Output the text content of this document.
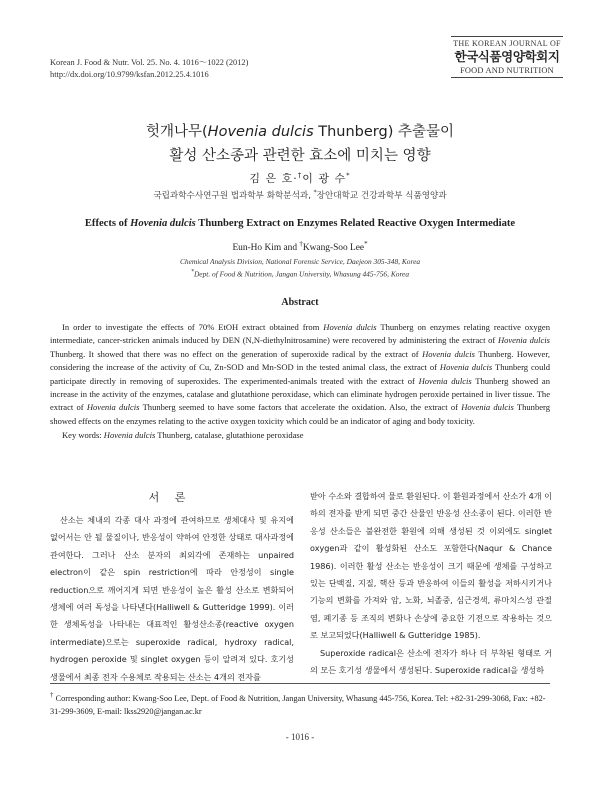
Korean J. Food & Nutr. Vol. 25. No. 4. 1016～1022 (2012)
http://dx.doi.org/10.9799/ksfan.2012.25.4.1016
THE KOREAN JOURNAL OF
한국식품영양학회지
FOOD AND NUTRITION
헛개나무(Hovenia dulcis Thunberg) 추출물이
활성 산소종과 관련한 효소에 미치는 영향
김 은 호·†이 광 수*
국립과학수사연구원 법과학부 화학분석과, *장안대학교 건강과학부 식품영양과
Effects of Hovenia dulcis Thunberg Extract on Enzymes Related Reactive Oxygen Intermediate
Eun-Ho Kim and †Kwang-Soo Lee*
Chemical Analysis Division, National Forensic Service, Daejeon 305-348, Korea
*Dept. of Food & Nutrition, Jangan University, Whasung 445-756, Korea
Abstract
In order to investigate the effects of 70% EtOH extract obtained from Hovenia dulcis Thunberg on enzymes relating reactive oxygen intermediate, cancer-stricken animals induced by DEN (N,N-diethylnitrosamine) were recovered by administering the extract of Hovenia dulcis Thunberg. It showed that there was no effect on the generation of superoxide radical by the extract of Hovenia dulcis Thunberg. However, considering the increase of the activity of Cu, Zn-SOD and Mn-SOD in the tested animal class, the extract of Hovenia dulcis Thunberg could participate directly in removing of superoxides. The experimented-animals treated with the extract of Hovenia dulcis Thunberg showed an increase in the activity of the enzymes, catalase and glutathione peroxidase, which can eliminate hydrogen peroxide pertained in liver tissue. The extract of Hovenia dulcis Thunberg seemed to have some factors that accelerate the oxidation. Also, the extract of Hovenia dulcis Thunberg showed effects on the enzymes relating to the active oxygen toxicity which could be an indicator of aging and body toxicity.
Key words: Hovenia dulcis Thunberg, catalase, glutathione peroxidase
서 론
산소는 체내의 각종 대사 과정에 관여하므로 생체대사 및 유지에 없어서는 안 될 물질이나, 반응성이 약하여 안정한 상태로 대사과정에 관여한다. 그러나 산소 분자의 최외각에 존재하는 unpaired electron이 같은 spin restriction에 따라 안정성이 single reduction으로 깨어지게 되면 반응성이 높은 활성 산소로 변화되어 생체에 여러 독성을 나타낸다(Halliwell & Gutteridge 1999). 이러한 생체독성을 나타내는 대표적인 활성산소종(reactive oxygen intermediate)으로는 superoxide radical, hydroxy radical, hydrogen peroxide 및 singlet oxygen 등이 알려져 있다. 호기성 생물에서 최종 전자 수용체로 작용되는 산소는 4개의 전자를

받아 수소와 결합하여 물로 환원된다. 이 환원과정에서 산소가 4개 이하의 전자를 받게 되면 중간 산물인 반응성 산소종이 된다. 이러한 반응성 산소들은 불완전한 환원에 의해 생성된 것 이외에도 singlet oxygen과 같이 활성화된 산소도 포함한다(Naqur & Chance 1986). 이러한 활성 산소는 반응성이 크기 때문에 생체를 구성하고 있는 단백질, 지질, 핵산 등과 반응하여 이들의 활성을 저하시키거나 기능의 변화를 가져와 암, 노화, 뇌졸중, 심근경색, 류마치스성 관절염, 폐기종 등 조직의 변화나 손상에 중요한 기전으로 작용하는 것으로 보고되었다(Halliwell & Gutteridge 1985).

Superoxide radical은 산소에 전자가 하나 더 부착된 형태로 거의 모든 호기성 생물에서 생성된다. Superoxide radical을 생성하

† Corresponding author: Kwang-Soo Lee, Dept. of Food & Nutrition, Jangan University, Whasung 445-756, Korea. Tel: +82-31-299-3068, Fax: +82-31-299-3609, E-mail: lkss2920@jangan.ac.kr
- 1016 -
